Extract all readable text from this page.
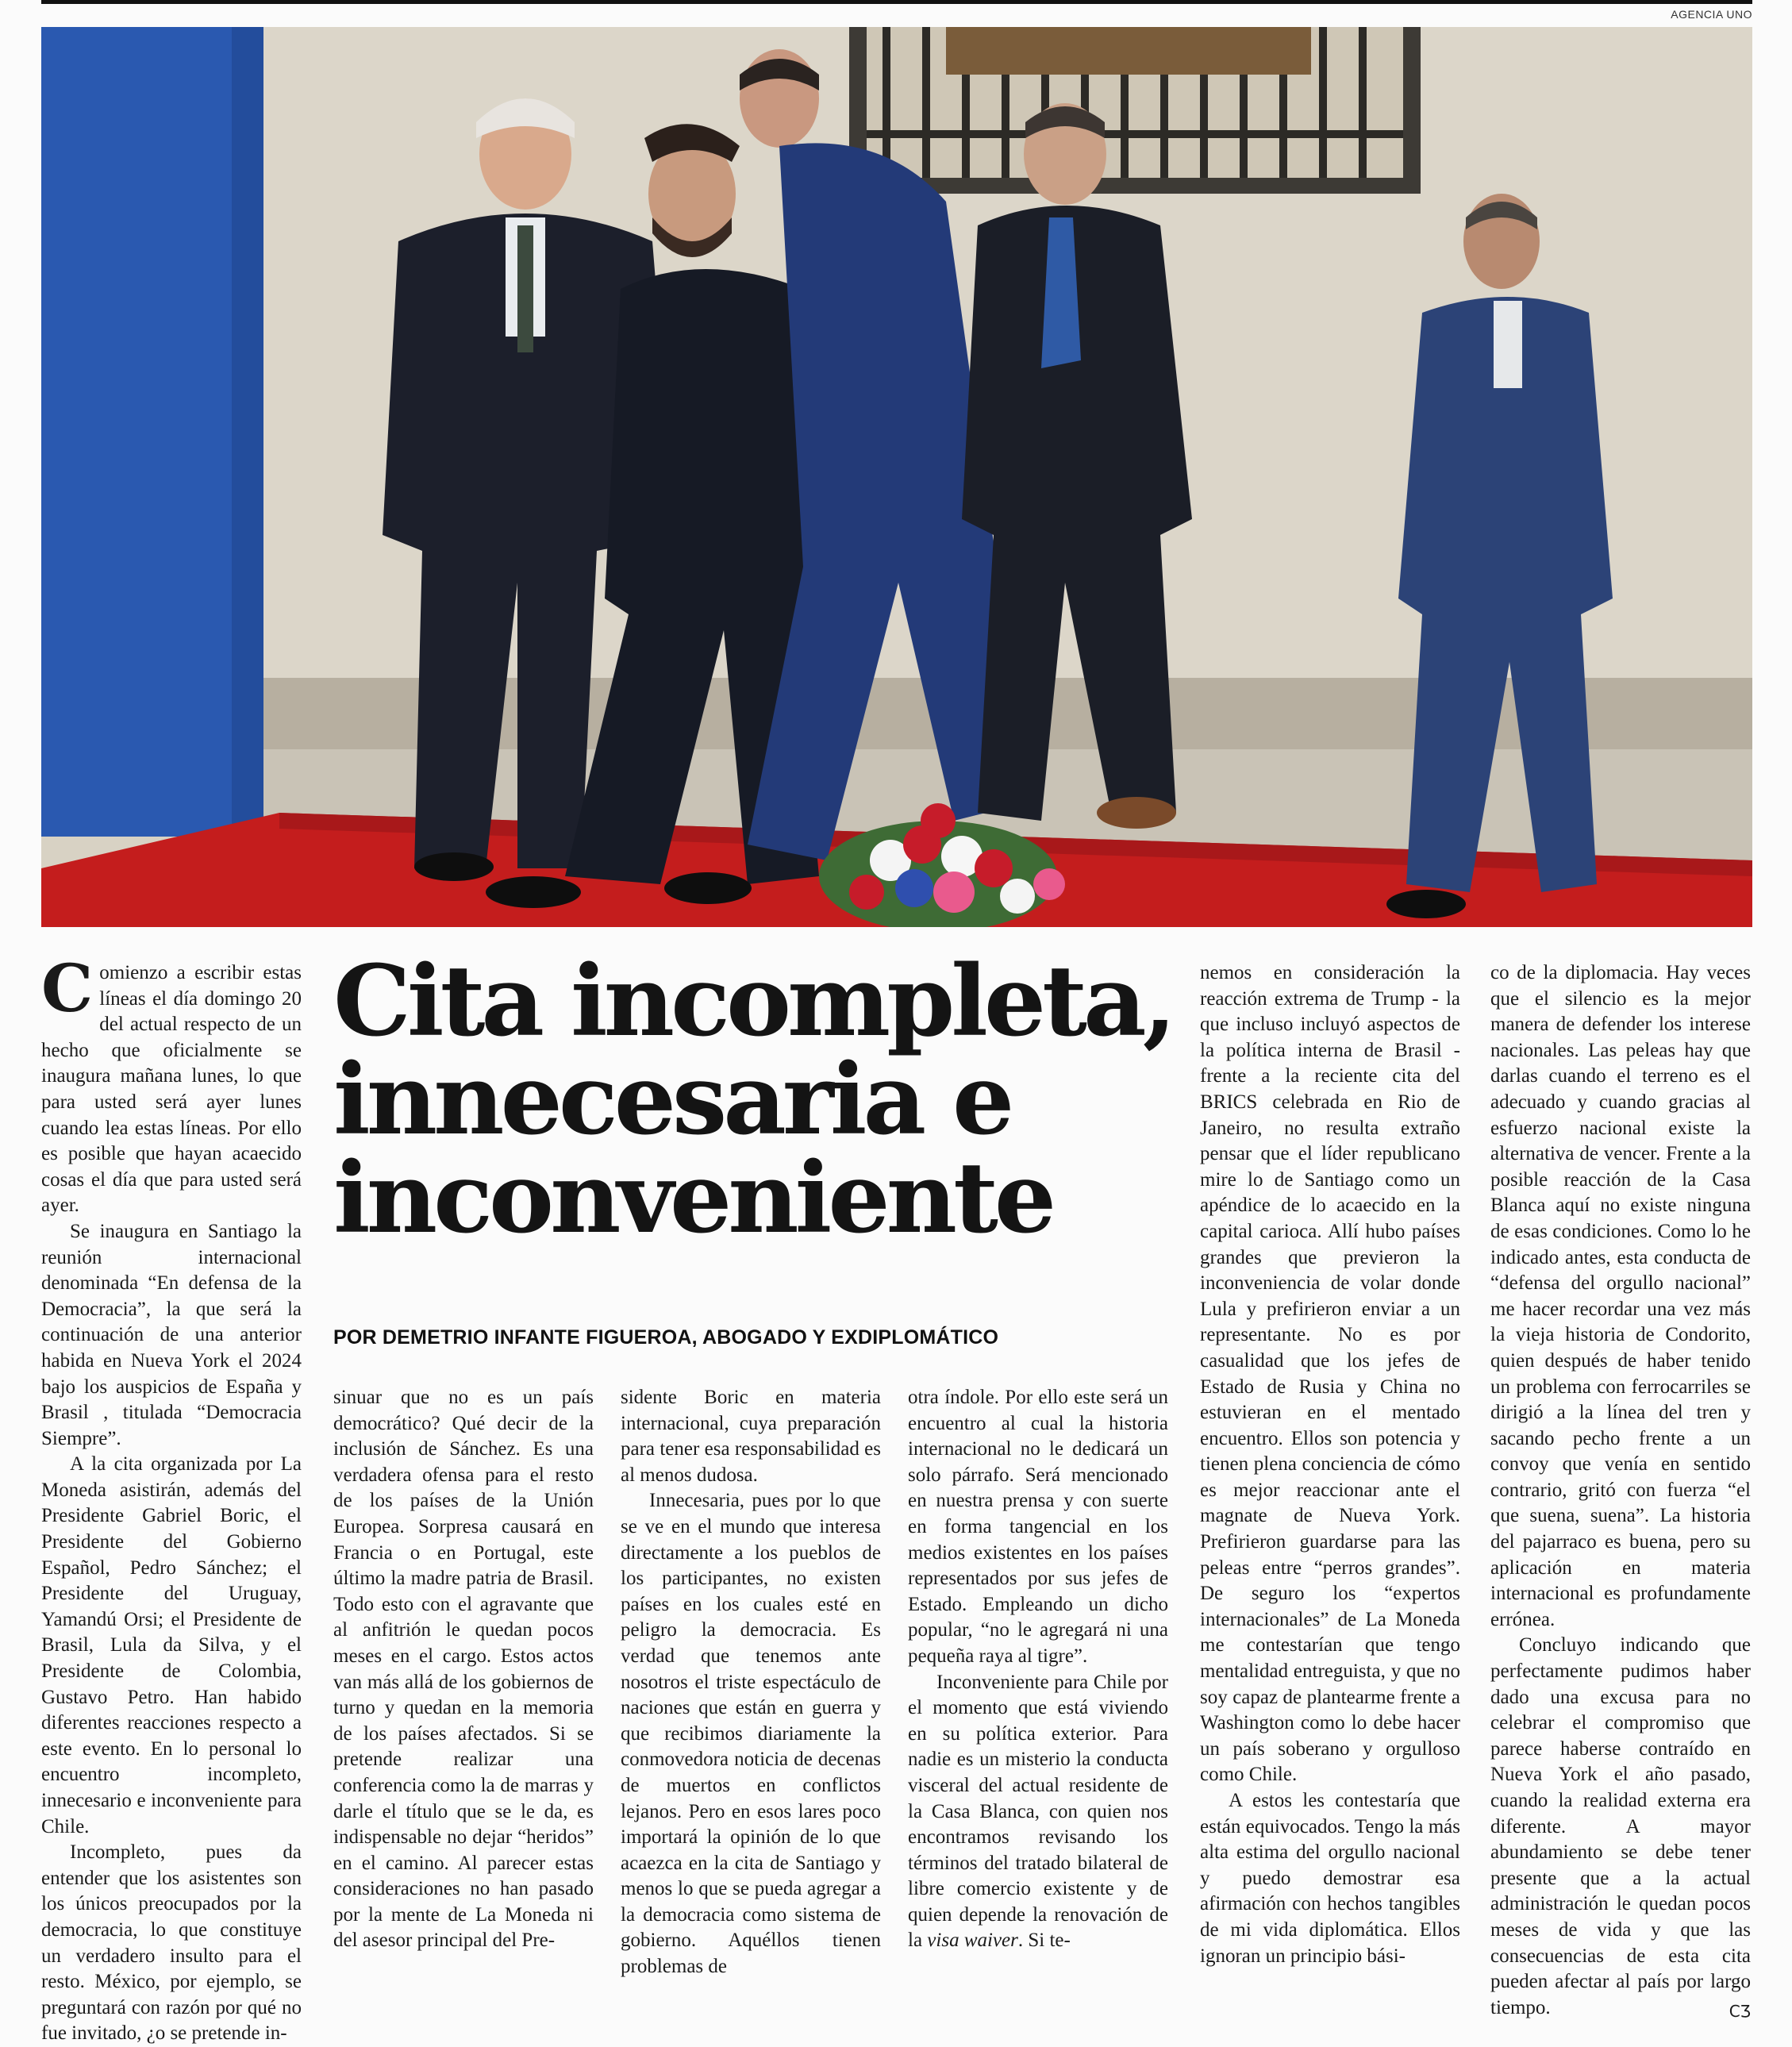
AGENCIA UNO
Cita incompleta,
innecesaria e
inconveniente
POR DEMETRIO INFANTE FIGUEROA, ABOGADO Y EXDIPLOMÁTICO

Comienzo a escribir estas líneas el día domingo 20 del actual respecto de un hecho que oficialmente se inaugura mañana lunes, lo que para usted será ayer lunes cuando lea estas líneas. Por ello es posible que hayan acaecido cosas el día que para usted será ayer.

Se inaugura en Santiago la reunión internacional denominada “En defensa de la Democracia”, la que será la continuación de una anterior habida en Nueva York el 2024 bajo los auspicios de España y Brasil , titulada “Democracia Siempre”.

A la cita organizada por La Moneda asistirán, además del Presidente Gabriel Boric, el Presidente del Gobierno Español, Pedro Sánchez; el Presidente del Uruguay, Yamandú Orsi; el Presidente de Brasil, Lula da Silva, y el Presidente de Colombia, Gustavo Petro. Han habido diferentes reacciones respecto a este evento. En lo personal lo encuentro incompleto, innecesario e inconveniente para Chile.

Incompleto, pues da entender que los asistentes son los únicos preocupados por la democracia, lo que constituye un verdadero insulto para el resto. México, por ejemplo, se preguntará con razón por qué no fue invitado, ¿o se pretende in-

sinuar que no es un país democrático? Qué decir de la inclusión de Sánchez. Es una verdadera ofensa para el resto de los países de la Unión Europea. Sorpresa causará en Francia o en Portugal, este último la madre patria de Brasil. Todo esto con el agravante que al anfitrión le quedan pocos meses en el cargo. Estos actos van más allá de los gobiernos de turno y quedan en la memoria de los países afectados. Si se pretende realizar una conferencia como la de marras y darle el título que se le da, es indispensable no dejar “heridos” en el camino. Al parecer estas consideraciones no han pasado por la mente de La Moneda ni del asesor principal del Pre-

sidente Boric en materia internacional, cuya preparación para tener esa responsabilidad es al menos dudosa.

Innecesaria, pues por lo que se ve en el mundo que interesa directamente a los pueblos de los participantes, no existen países en los cuales esté en peligro la democracia. Es verdad que tenemos ante nosotros el triste espectáculo de naciones que están en guerra y que recibimos diariamente la conmovedora noticia de decenas de muertos en conflictos lejanos. Pero en esos lares poco importará la opinión de lo que acaezca en la cita de Santiago y menos lo que se pueda agregar a la democracia como sistema de gobierno. Aquéllos tienen problemas de

otra índole. Por ello este será un encuentro al cual la historia internacional no le dedicará un solo párrafo. Será mencionado en nuestra prensa y con suerte en forma tangencial en los medios existentes en los países representados por sus jefes de Estado. Empleando un dicho popular, “no le agregará ni una pequeña raya al tigre”.

Inconveniente para Chile por el momento que está viviendo en su política exterior. Para nadie es un misterio la conducta visceral del actual residente de la Casa Blanca, con quien nos encontramos revisando los términos del tratado bilateral de libre comercio existente y de quien depende la renovación de la visa waiver. Si te-

nemos en consideración la reacción extrema de Trump - la que incluso incluyó aspectos de la política interna de Brasil - frente a la reciente cita del BRICS celebrada en Rio de Janeiro, no resulta extraño pensar que el líder republicano mire lo de Santiago como un apéndice de lo acaecido en la capital carioca. Allí hubo países grandes que previeron la inconveniencia de volar donde Lula y prefirieron enviar a un representante. No es por casualidad que los jefes de Estado de Rusia y China no estuvieran en el mentado encuentro. Ellos son potencia y tienen plena conciencia de cómo es mejor reaccionar ante el magnate de Nueva York. Prefirieron guardarse para las peleas entre “perros grandes”. De seguro los “expertos internacionales” de La Moneda me contestarían que tengo mentalidad entreguista, y que no soy capaz de plantearme frente a Washington como lo debe hacer un país soberano y orgulloso como Chile.

A estos les contestaría que están equivocados. Tengo la más alta estima del orgullo nacional y puedo demostrar esa afirmación con hechos tangibles de mi vida diplomática. Ellos ignoran un principio bási-

co de la diplomacia. Hay veces que el silencio es la mejor manera de defender los interese nacionales. Las peleas hay que darlas cuando el terreno es el adecuado y cuando gracias al esfuerzo nacional existe la alternativa de vencer. Frente a la posible reacción de la Casa Blanca aquí no existe ninguna de esas condiciones. Como lo he indicado antes, esta conducta de “defensa del orgullo nacional” me hacer recordar una vez más la vieja historia de Condorito, quien después de haber tenido un problema con ferrocarriles se dirigió a la línea del tren y sacando pecho frente a un convoy que venía en sentido contrario, gritó con fuerza “el que suena, suena”. La historia del pajarraco es buena, pero su aplicación en materia internacional es profundamente errónea.

Concluyo indicando que perfectamente pudimos haber dado una excusa para no celebrar el compromiso que parece haberse contraído en Nueva York el año pasado, cuando la realidad externa era diferente. A mayor abundamiento se debe tener presente que a la actual administración le quedan pocos meses de vida y que las consecuencias de esta cita pueden afectar al país por largo tiempo.	CӠ
